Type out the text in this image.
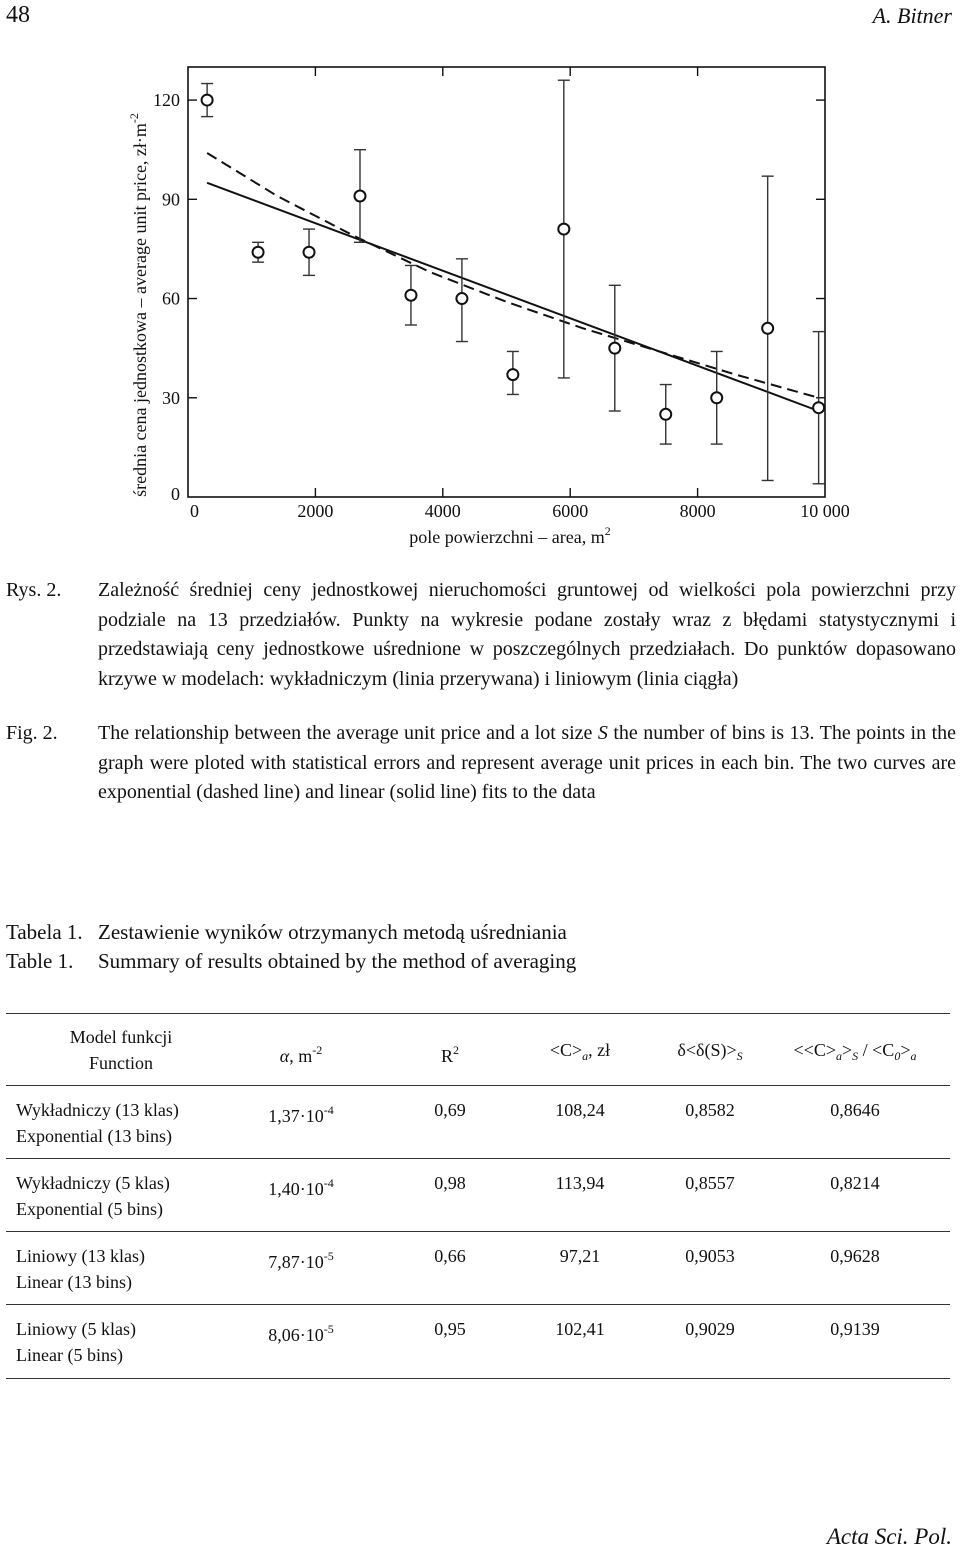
48	A. Bitner
Acta Sci. Pol.
0	2000	4000	6000	8000	10 000
0
30
60
90
120
średnia cena jednostkowa – average unit price, $zł\cdot m^{-2}$
pole powierzchni – area, $m^2$
Rys. 2.	Zależność średniej ceny jednostkowej nieruchomości gruntowej od wielkości pola powierzchni przy podziale na 13 przedziałów. Punkty na wykresie podane zostały wraz z błędami statystycznymi i przedstawiają ceny jednostkowe uśrednione w poszczególnych przedziałach. Do punktów dopasowano krzywe w modelach: wykładniczym (linia przerywana) i liniowym (linia ciągła)
Fig. 2.	The relationship between the average unit price and a lot size S the number of bins is 13. The points in the graph were ploted with statistical errors and represent average unit prices in each bin. The two curves are exponential (dashed line) and linear (solid line) fits to the data
Tabela 1. Zestawienie wyników otrzymanych metodą uśredniania
Table 1. Summary of results obtained by the method of averaging
Model funkcji
Function	α, $m^{-2}$	$R^2$	$<C>_a$, zł	$\delta<\delta(S)>_S$	$<<C>_a>_S / <C_0>_a$
Wykładniczy (13 klas)
Exponential (13 bins)
$1,37\cdot 10^{-4}$	0,69	108,24	0,8582	0,8646
Wykładniczy (5 klas)
Exponential (5 bins)
$1,40\cdot 10^{-4}$	0,98	113,94	0,8557	0,8214
Liniowy (13 klas)
Linear (13 bins)
$7,87\cdot 10^{-5}$	0,66	97,21	0,9053	0,9628
Liniowy (5 klas)
Linear (5 bins)
$8,06\cdot 10^{-5}$	0,95	102,41	0,9029	0,9139
